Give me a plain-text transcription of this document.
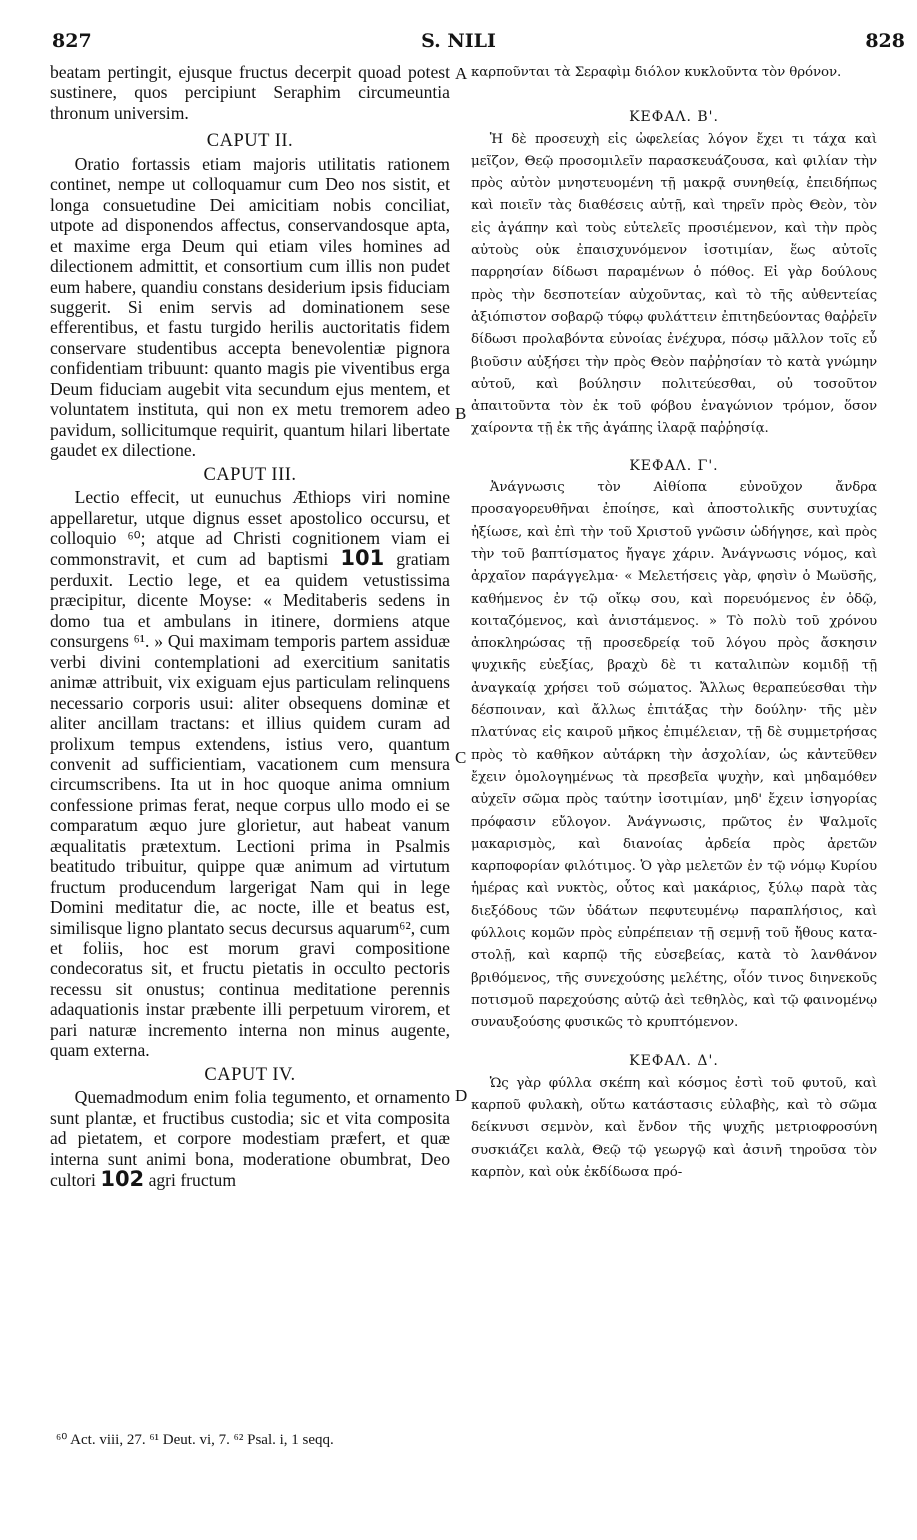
827	S. NILI	828

beatam pertingit, ejusque fructus decerpit quoad potest sustinere, quos percipiunt Seraphim circumeuntia thronum universim.

CAPUT II.

Oratio fortassis etiam majoris utilitatis rationem continet, nempe ut colloquamur cum Deo nos sistit, et longa consuetudine Dei amicitiam nobis conciliat, utpote ad disponendos affectus, conservandosque apta, et maxime erga Deum qui etiam viles homines ad dilectionem admittit, et consortium cum illis non pudet eum habere, quandiu constans desiderium ipsis fiduciam suggerit. Si enim servis ad dominationem sese efferentibus, et fastu turgido herilis auctoritatis fidem conservare studentibus accepta benevolentiæ pignora confidentiam tribuunt: quanto magis pie viventibus erga Deum fiduciam augebit vita secundum ejus mentem, et voluntatem instituta, qui non ex metu tremorem adeo pavidum, sollicitumque requirit, quantum hilari libertate gaudet ex dilectione.

CAPUT III.

Lectio effecit, ut eunuchus Æthiops viri nomine appellaretur, utque dignus esset apostolico occursu, et colloquio ⁶⁰; atque ad Christi cognitionem viam ei commonstravit, et cum ad baptismi 101 gratiam perduxit. Lectio lege, et ea quidem vetustissima præcipitur, dicente Moyse: « Meditaberis sedens in domo tua et ambulans in itinere, dormiens atque consurgens ⁶¹. » Qui maximam temporis partem assiduæ verbi divini contemplationi ad exercitium sanitatis animæ attribuit, vix exiguam ejus particulam relinquens necessario corporis usui: aliter obsequens dominæ et aliter ancillam tractans: et illius quidem curam ad prolixum tempus extendens, istius vero, quantum convenit ad sufficientiam, vacationem cum mensura circumscribens. Ita ut in hoc quoque anima omnium confessione primas ferat, neque corpus ullo modo ei se comparatum æquo jure glorietur, aut habeat vanum æqualitatis prætextum. Lectioni prima in Psalmis beatitudo tribuitur, quippe quæ animum ad virtutum fructum producendum largerigat Nam qui in lege Domini meditatur die, ac nocte, ille et beatus est, similisque ligno plantato secus decursus aquarum⁶², cum et foliis, hoc est morum gravi compositione condecoratus sit, et fructu pietatis in occulto pectoris recessu sit onustus; continua meditatione perennis adaquationis instar præbente illi perpetuum virorem, et pari naturæ incremento interna non minus augente, quam externa.

CAPUT IV.

Quemadmodum enim folia tegumento, et ornamento sunt plantæ, et fructibus custodia; sic et vita composita ad pietatem, et corpore modestiam præfert, et quæ interna sunt animi bona, moderatione obumbrat, Deo cultori 102 agri fructum

A
B
C
D

καρποῦνται τὰ Σεραφὶμ διόλον κυκλοῦντα τὸν θρόνον.

ΚΕΦΑΛ. Β'.

Ἡ δὲ προσευχὴ εἰς ὠφελείας λόγον ἔχει τι τάχα καὶ μεῖζον, Θεῷ προσομιλεῖν παρασκευάζουσα, καὶ φιλίαν τὴν πρὸς αὐτὸν μνηστευομένη τῇ μακρᾷ συνηθείᾳ, ἐπειδήπως καὶ ποιεῖν τὰς διαθέσεις αὐτῇ, καὶ τηρεῖν πρὸς Θεὸν, τὸν εἰς ἀγάπην καὶ τοὺς εὐτελεῖς προσιέμενον, καὶ τὴν πρὸς αὐτοὺς οὐκ ἐπαισχυνόμενον ἰσοτιμίαν, ἕως αὐτοῖς παρρησίαν δίδωσι παραμένων ὁ πόθος. Εἰ γὰρ δούλους πρὸς τὴν δεσποτείαν αὐχοῦντας, καὶ τὸ τῆς αὐθεντείας ἀξιόπιστον σοβαρῷ τύφῳ φυλάττειν ἐπιτηδεύοντας θαῤῥεῖν δίδωσι προλαβόντα εὐνοίας ἐνέχυρα, πόσῳ μᾶλλον τοῖς εὖ βιοῦσιν αὐξήσει τὴν πρὸς Θεὸν παῤῥησίαν τὸ κατὰ γνώμην αὐτοῦ, καὶ βούλησιν πολιτεύεσθαι, οὐ τοσοῦτον ἀπαιτοῦντα τὸν ἐκ τοῦ φόβου ἐναγώνιον τρόμον, ὅσον χαίροντα τῇ ἐκ τῆς ἀγάπης ἱλαρᾷ παῤῥησίᾳ.

ΚΕΦΑΛ. Γ'.

Ἀνάγνωσις τὸν Αἰθίοπα εὐνοῦχον ἄνδρα προσαγορευθῆναι ἐποίησε, καὶ ἀποστολικῆς συντυχίας ἠξίωσε, καὶ ἐπὶ τὴν τοῦ Χριστοῦ γνῶσιν ὡδήγησε, καὶ πρὸς τὴν τοῦ βαπτίσματος ἤγαγε χάριν. Ἀνάγνωσις νόμος, καὶ ἀρχαῖον παράγγελμα· « Μελετήσεις γὰρ, φησὶν ὁ Μωϋσῆς, καθήμενος ἐν τῷ οἴκῳ σου, καὶ πορευόμενος ἐν ὁδῷ, κοιταζόμενος, καὶ ἀνιστάμενος. » Τὸ πολὺ τοῦ χρόνου ἀποκληρώσας τῇ προσεδρείᾳ τοῦ λόγου πρὸς ἄσκησιν ψυχικῆς εὐεξίας, βραχὺ δὲ τι καταλιπὼν κομιδῇ τῇ ἀναγκαίᾳ χρήσει τοῦ σώματος. Ἄλλως θεραπεύεσθαι τὴν δέσποιναν, καὶ ἄλλως ἐπιτάξας τὴν δούλην· τῆς μὲν πλατύνας εἰς καιροῦ μῆκος ἐπιμέλειαν, τῇ δὲ συμμετρήσας πρὸς τὸ καθῆκον αὐτάρκη τὴν ἀσχολίαν, ὡς κἀντεῦθεν ἔχειν ὁμολογημένως τὰ πρεσβεῖα ψυχὴν, καὶ μηδαμόθεν αὐχεῖν σῶμα πρὸς ταύτην ἰσοτιμίαν, μηδ' ἔχειν ἰσηγορίας πρόφασιν εὔλογον. Ἀνάγνωσις, πρῶτος ἐν Ψαλμοῖς μακαρισμὸς, καὶ διανοίας ἀρδεία πρὸς ἀρετῶν καρποφορίαν φιλότιμος. Ὁ γὰρ μελετῶν ἐν τῷ νόμῳ Κυρίου ἡμέρας καὶ νυκτὸς, οὗτος καὶ μακάριος, ξύλῳ παρὰ τὰς διεξόδους τῶν ὑδάτων πεφυτευμένῳ παραπλήσιος, καὶ φύλλοις κομῶν πρὸς εὐπρέπειαν τῇ σεμνῇ τοῦ ἤθους κατα-στολῇ, καὶ καρπῷ τῆς εὐσεβείας, κατὰ τὸ λανθάνον βριθόμενος, τῆς συνεχούσης μελέτης, οἷόν τινος διηνεκοῦς ποτισμοῦ παρεχούσης αὐτῷ ἀεὶ τεθηλὸς, καὶ τῷ φαινομένῳ συναυξούσης φυσικῶς τὸ κρυπτόμενον.

ΚΕΦΑΛ. Δ'.

Ὡς γὰρ φύλλα σκέπη καὶ κόσμος ἐστὶ τοῦ φυτοῦ, καὶ καρποῦ φυλακὴ, οὕτω κατάστασις εὐλαβὴς, καὶ τὸ σῶμα δείκνυσι σεμνὸν, καὶ ἔνδον τῆς ψυχῆς μετριοφροσύνη συσκιάζει καλὰ, Θεῷ τῷ γεωργῷ καὶ ἀσινῆ τηροῦσα τὸν καρπὸν, καὶ οὐκ ἐκδίδωσα πρό-

⁶⁰ Act. viii, 27. ⁶¹ Deut. vi, 7. ⁶² Psal. i, 1 seqq.
